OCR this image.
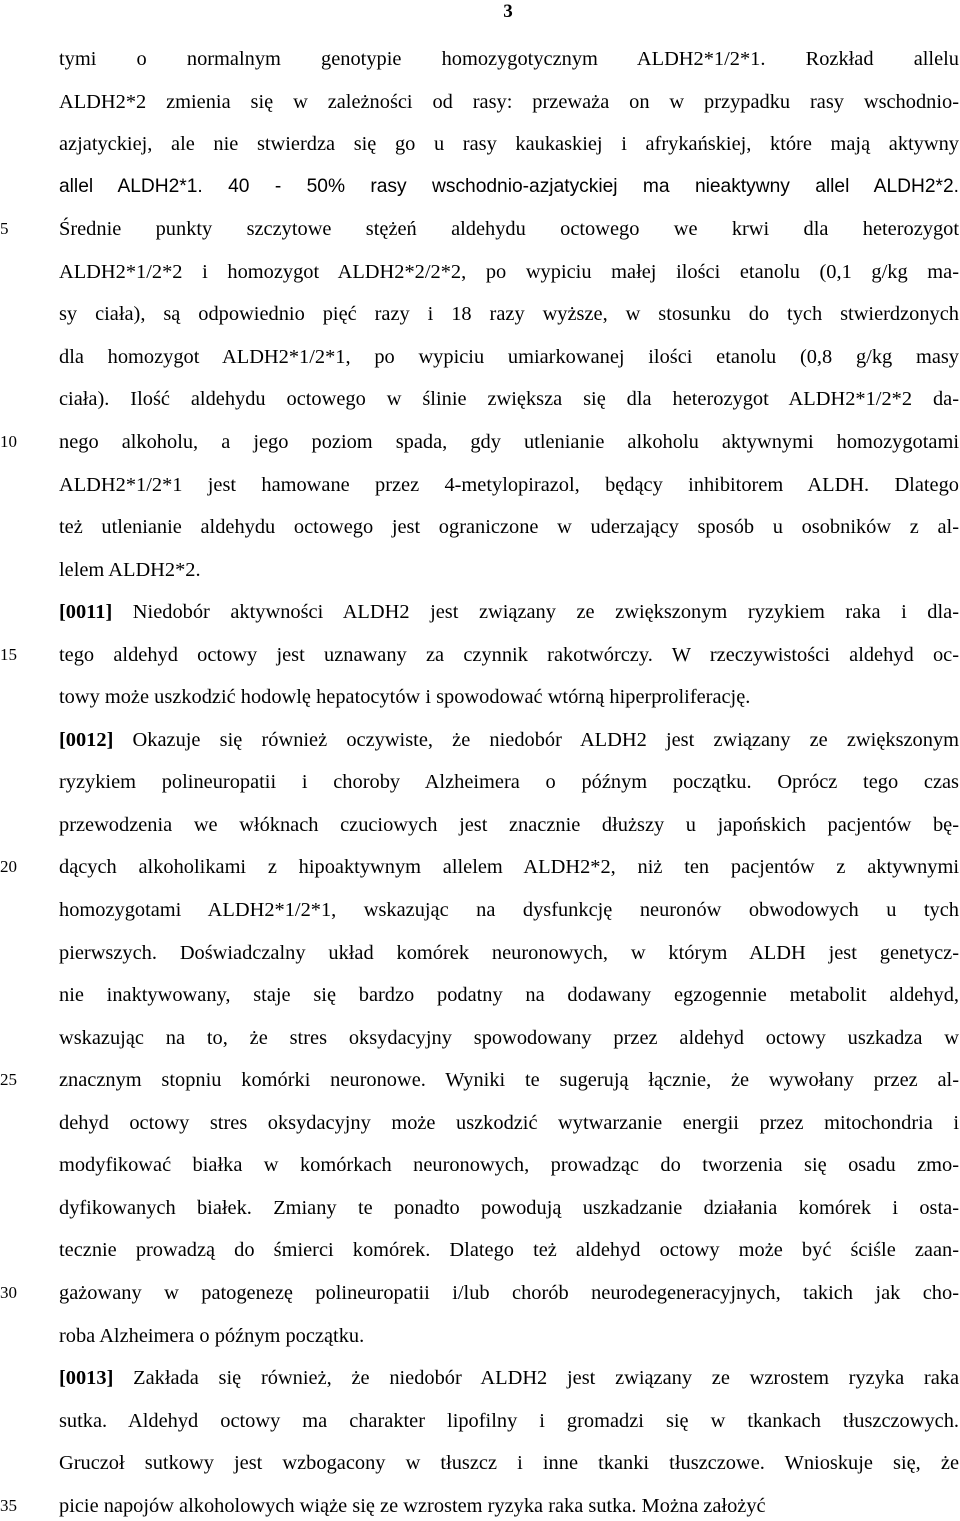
3
5
10
15
20
25
30
35
tymi o normalnym genotypie homozygotycznym ALDH2*1/2*1. Rozkład allelu
ALDH2*2 zmienia się w zależności od rasy: przeważa on w przypadku rasy wschodnio-
azjatyckiej, ale nie stwierdza się go u rasy kaukaskiej i afrykańskiej, które mają aktywny
allel ALDH2*1. 40 - 50% rasy wschodnio-azjatyckiej ma nieaktywny allel ALDH2*2.
Średnie punkty szczytowe stężeń aldehydu octowego we krwi dla heterozygot
ALDH2*1/2*2 i homozygot ALDH2*2/2*2, po wypiciu małej ilości etanolu (0,1 g/kg ma-
sy ciała), są odpowiednio pięć razy i 18 razy wyższe, w stosunku do tych stwierdzonych
dla homozygot ALDH2*1/2*1, po wypiciu umiarkowanej ilości etanolu (0,8 g/kg masy
ciała). Ilość aldehydu octowego w ślinie zwiększa się dla heterozygot ALDH2*1/2*2 da-
nego alkoholu, a jego poziom spada, gdy utlenianie alkoholu aktywnymi homozygotami
ALDH2*1/2*1 jest hamowane przez 4-metylopirazol, będący inhibitorem ALDH. Dlatego
też utlenianie aldehydu octowego jest ograniczone w uderzający sposób u osobników z al-
lelem ALDH2*2.
[0011] Niedobór aktywności ALDH2 jest związany ze zwiększonym ryzykiem raka i dla-
tego aldehyd octowy jest uznawany za czynnik rakotwórczy. W rzeczywistości aldehyd oc-
towy może uszkodzić hodowlę hepatocytów i spowodować wtórną hiperproliferację.
[0012] Okazuje się również oczywiste, że niedobór ALDH2 jest związany ze zwiększonym
ryzykiem polineuropatii i choroby Alzheimera o późnym początku. Oprócz tego czas
przewodzenia we włóknach czuciowych jest znacznie dłuższy u japońskich pacjentów bę-
dących alkoholikami z hipoaktywnym allelem ALDH2*2, niż ten pacjentów z aktywnymi
homozygotami ALDH2*1/2*1, wskazując na dysfunkcję neuronów obwodowych u tych
pierwszych. Doświadczalny układ komórek neuronowych, w którym ALDH jest genetycz-
nie inaktywowany, staje się bardzo podatny na dodawany egzogennie metabolit aldehyd,
wskazując na to, że stres oksydacyjny spowodowany przez aldehyd octowy uszkadza w
znacznym stopniu komórki neuronowe. Wyniki te sugerują łącznie, że wywołany przez al-
dehyd octowy stres oksydacyjny może uszkodzić wytwarzanie energii przez mitochondria i
modyfikować białka w komórkach neuronowych, prowadząc do tworzenia się osadu zmo-
dyfikowanych białek. Zmiany te ponadto powodują uszkadzanie działania komórek i osta-
tecznie prowadzą do śmierci komórek. Dlatego też aldehyd octowy może być ściśle zaan-
gażowany w patogenezę polineuropatii i/lub chorób neurodegeneracyjnych, takich jak cho-
roba Alzheimera o późnym początku.
[0013] Zakłada się również, że niedobór ALDH2 jest związany ze wzrostem ryzyka raka
sutka. Aldehyd octowy ma charakter lipofilny i gromadzi się w tkankach tłuszczowych.
Gruczoł sutkowy jest wzbogacony w tłuszcz i inne tkanki tłuszczowe. Wnioskuje się, że
picie napojów alkoholowych wiąże się ze wzrostem ryzyka raka sutka. Można założyć
